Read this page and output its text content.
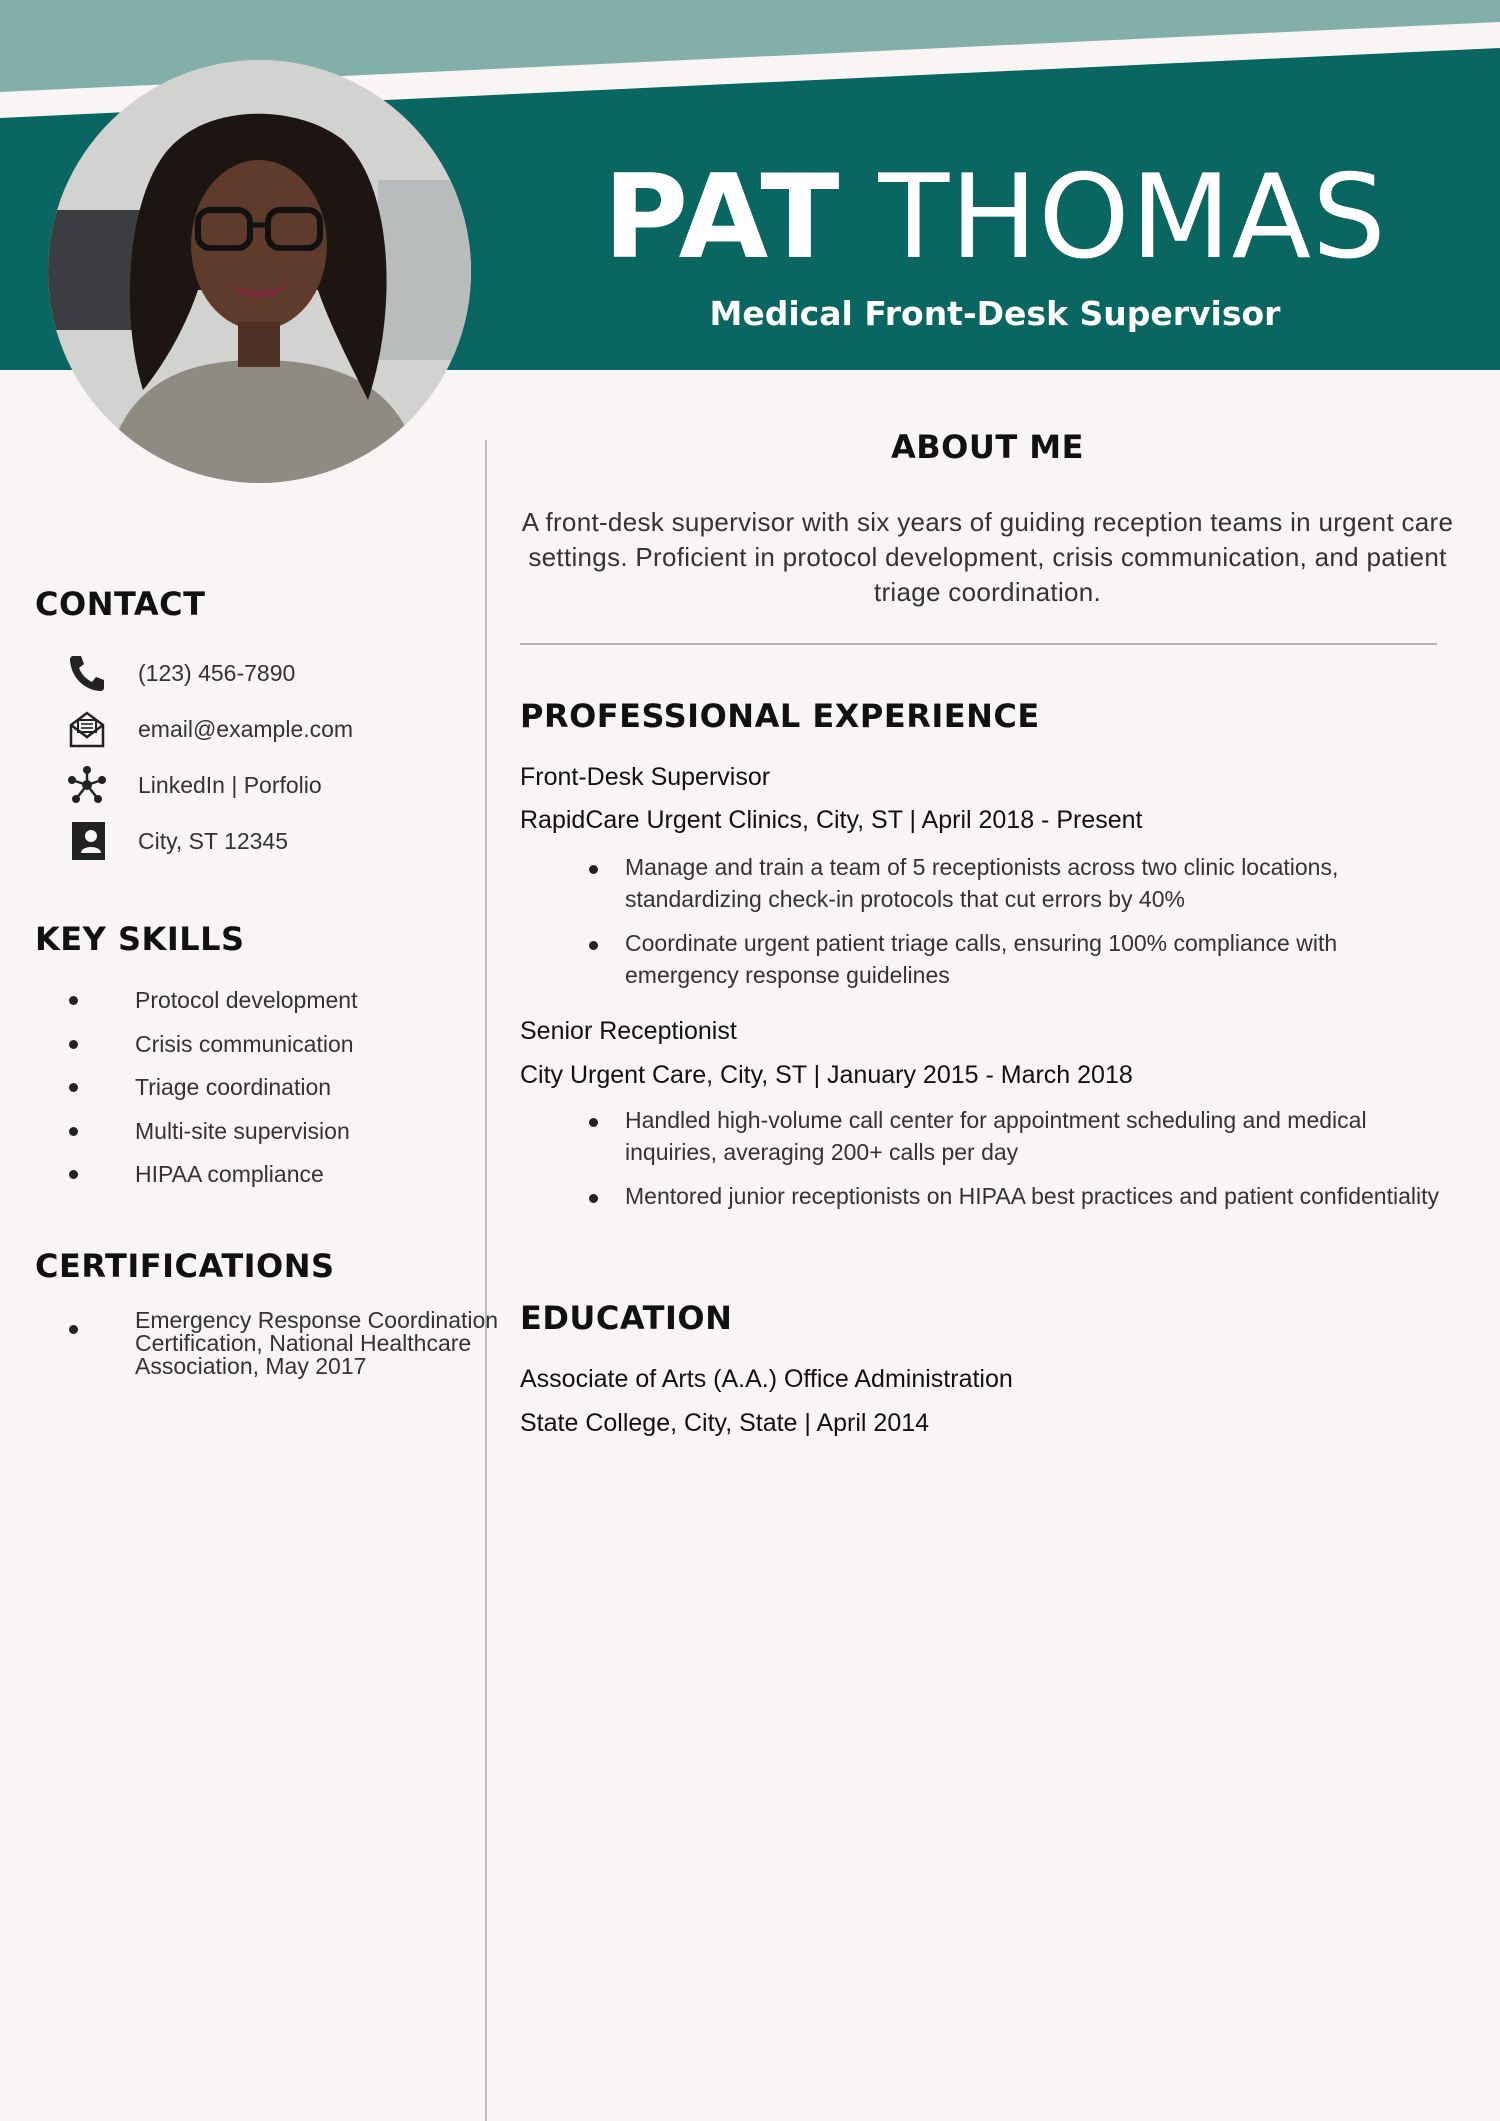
PAT THOMAS
Medical Front-Desk Supervisor
CONTACT
(123) 456-7890
email@example.com
LinkedIn | Porfolio
City, ST 12345
KEY SKILLS
Protocol development
Crisis communication
Triage coordination
Multi-site supervision
HIPAA compliance
CERTIFICATIONS
Emergency Response Coordination Certification, National Healthcare Association, May 2017
ABOUT ME
A front-desk supervisor with six years of guiding reception teams in urgent care settings. Proficient in protocol development, crisis communication, and patient triage coordination.
PROFESSIONAL EXPERIENCE
Front-Desk Supervisor
RapidCare Urgent Clinics, City, ST | April 2018 - Present
Manage and train a team of 5 receptionists across two clinic locations, standardizing check-in protocols that cut errors by 40%
Coordinate urgent patient triage calls, ensuring 100% compliance with emergency response guidelines
Senior Receptionist
City Urgent Care, City, ST | January 2015 - March 2018
Handled high-volume call center for appointment scheduling and medical inquiries, averaging 200+ calls per day
Mentored junior receptionists on HIPAA best practices and patient confidentiality
EDUCATION
Associate of Arts (A.A.) Office Administration
State College, City, State | April 2014
